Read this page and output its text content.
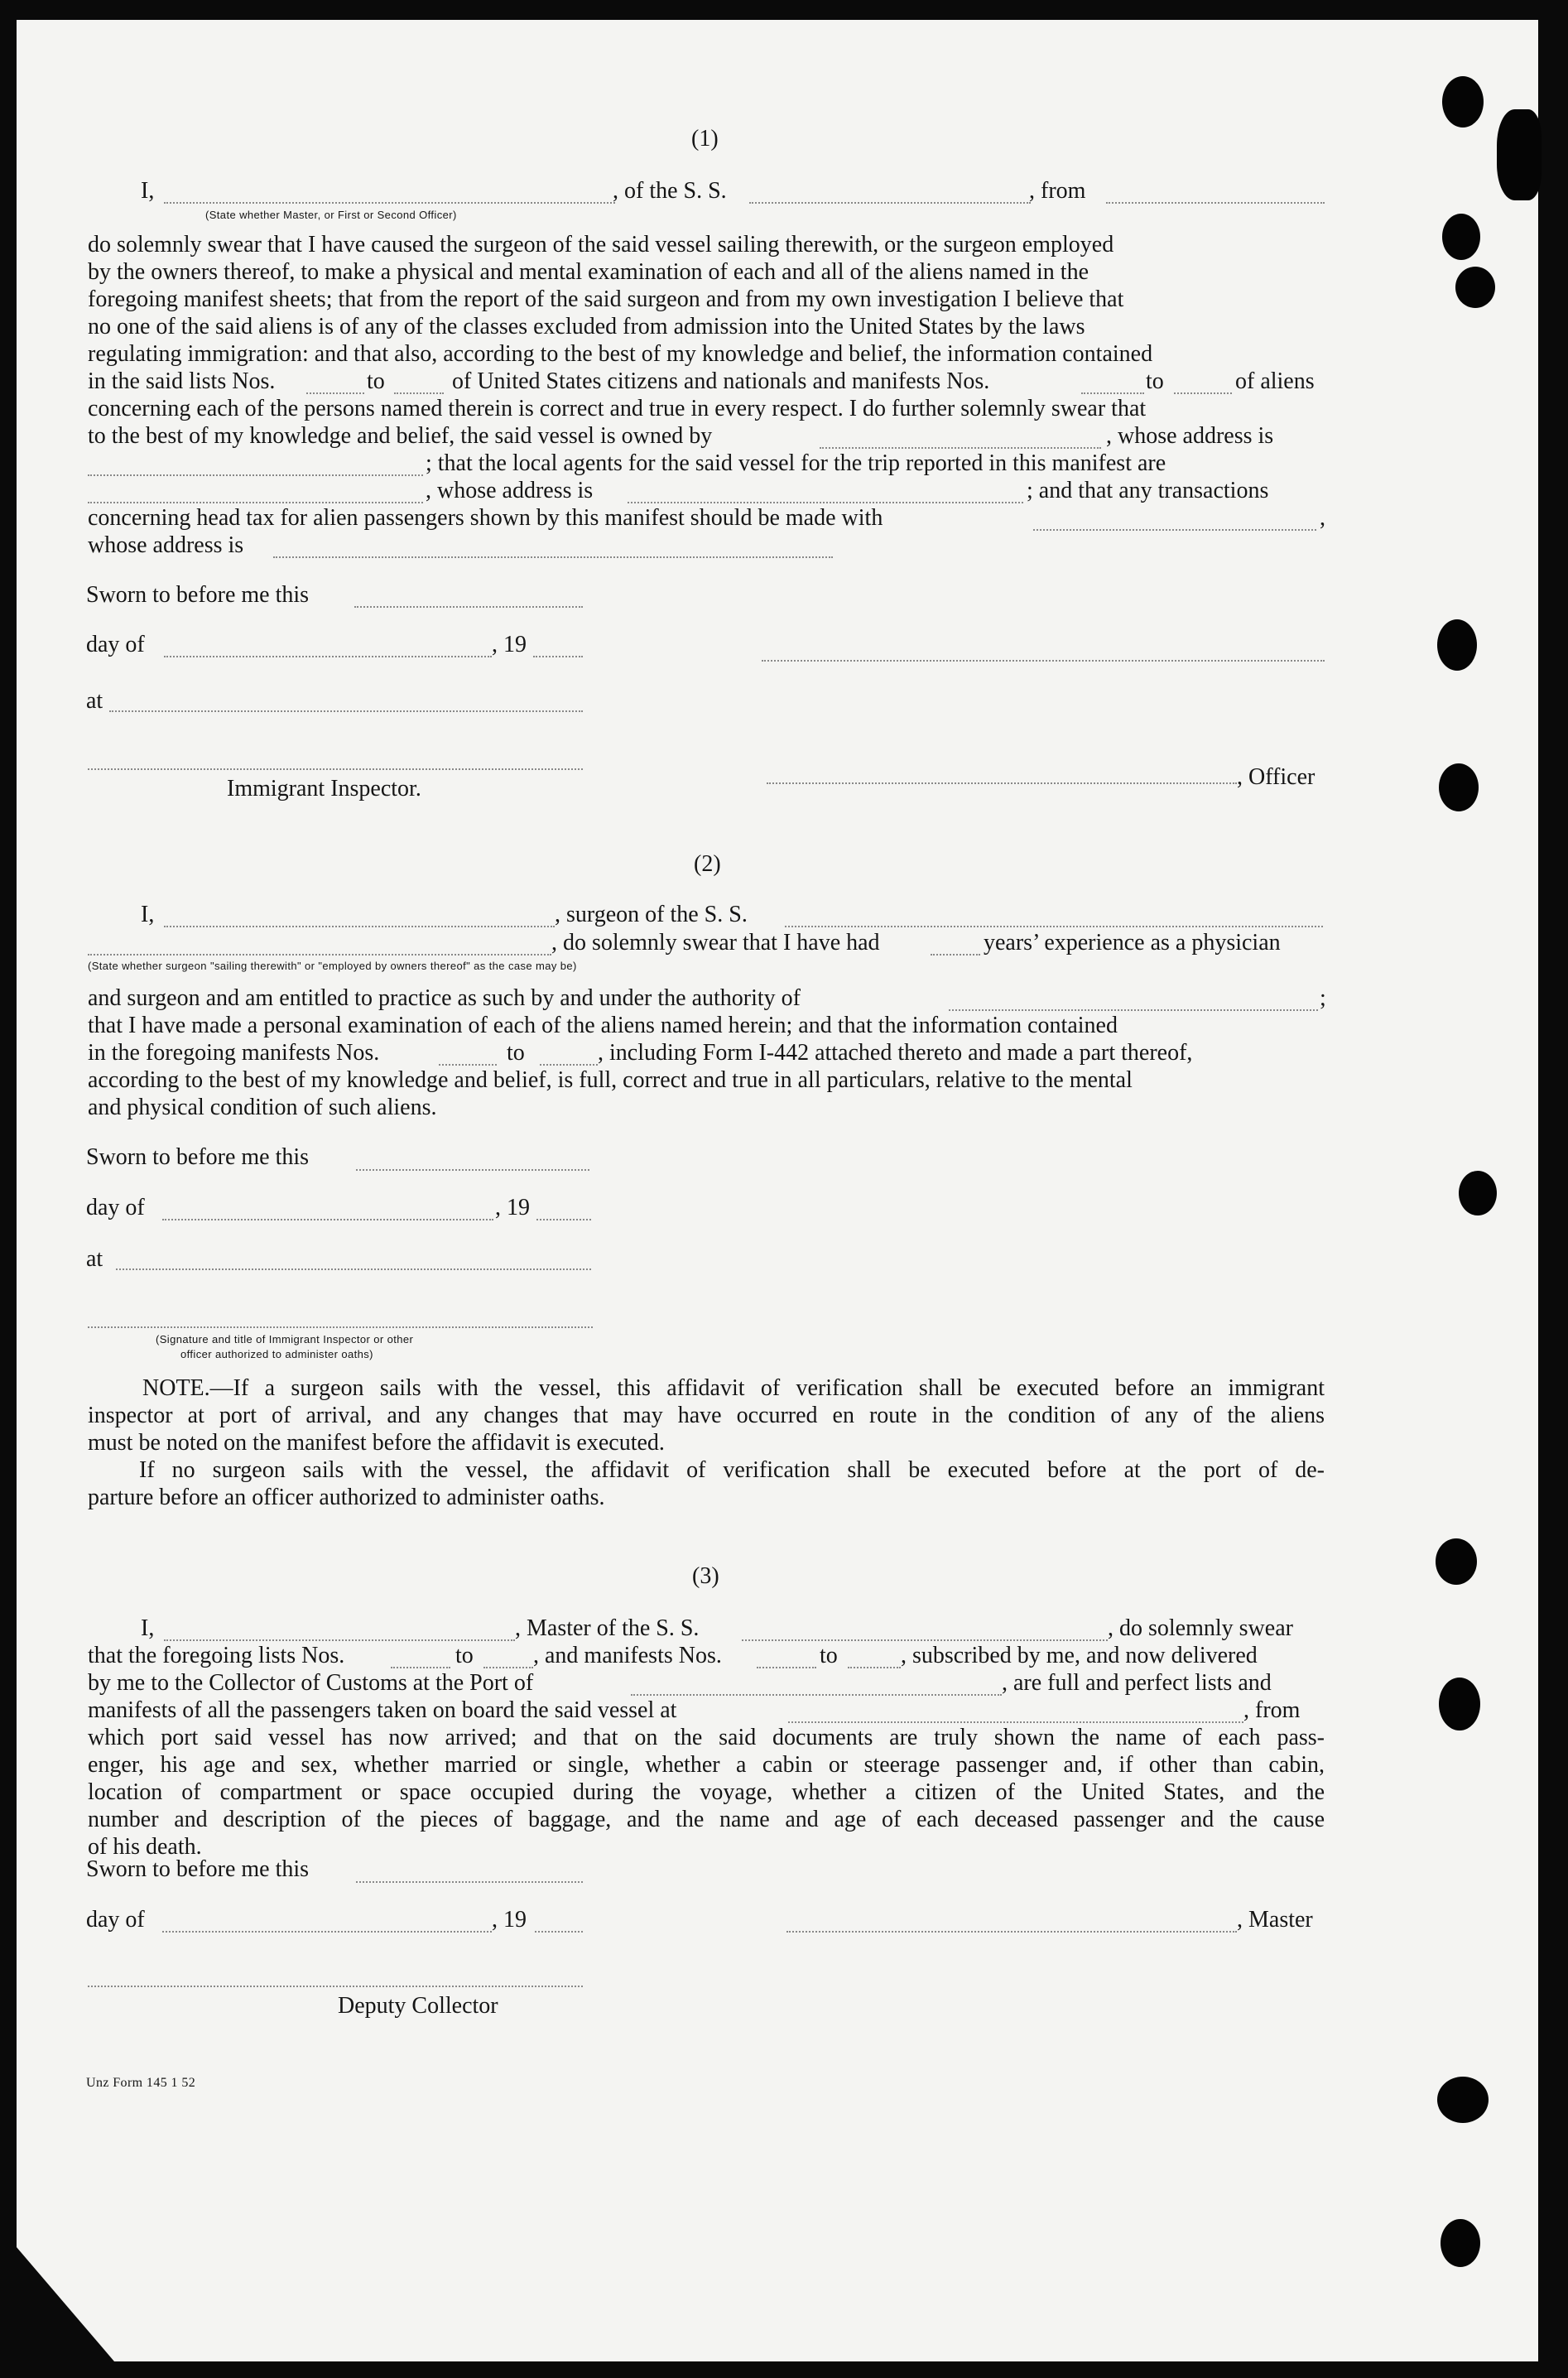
(1)
I,	, of the S. S.	, from
(State whether Master, or First or Second Officer)
do solemnly swear that I have caused the surgeon of the said vessel sailing therewith, or the surgeon employed
by the owners thereof, to make a physical and mental examination of each and all of the aliens named in the
foregoing manifest sheets; that from the report of the said surgeon and from my own investigation I believe that
no one of the said aliens is of any of the classes excluded from admission into the United States by the laws
regulating immigration: and that also, according to the best of my knowledge and belief, the information contained
in the said lists Nos.	to	of United States citizens and nationals and manifests Nos.	to	of aliens
concerning each of the persons named therein is correct and true in every respect. I do further solemnly swear that
to the best of my knowledge and belief, the said vessel is owned by	, whose address is
; that the local agents for the said vessel for the trip reported in this manifest are
, whose address is	; and that any transactions
concerning head tax for alien passengers shown by this manifest should be made with	,
whose address is
Sworn to before me this
day of	, 19
at
Immigrant Inspector.	, Officer
(2)
I,	, surgeon of the S. S.
, do solemnly swear that I have had	years’ experience as a physician
(State whether surgeon "sailing therewith" or "employed by owners thereof" as the case may be)
and surgeon and am entitled to practice as such by and under the authority of	;
that I have made a personal examination of each of the aliens named herein; and that the information contained
in the foregoing manifests Nos.	to	, including Form I-442 attached thereto and made a part thereof,
according to the best of my knowledge and belief, is full, correct and true in all particulars, relative to the mental
and physical condition of such aliens.
Sworn to before me this
day of	, 19
at
(Signature and title of Immigrant Inspector or other
officer authorized to administer oaths)
NOTE.—If a surgeon sails with the vessel, this affidavit of verification shall be executed before an immigrant
inspector at port of arrival, and any changes that may have occurred en route in the condition of any of the aliens
must be noted on the manifest before the affidavit is executed.
If no surgeon sails with the vessel, the affidavit of verification shall be executed before at the port of de-
parture before an officer authorized to administer oaths.
(3)
I,	, Master of the S. S.	, do solemnly swear
that the foregoing lists Nos.	to	, and manifests Nos.	to	, subscribed by me, and now delivered
by me to the Collector of Customs at the Port of	, are full and perfect lists and
manifests of all the passengers taken on board the said vessel at	, from
which port said vessel has now arrived; and that on the said documents are truly shown the name of each pass-
enger, his age and sex, whether married or single, whether a cabin or steerage passenger and, if other than cabin,
location of compartment or space occupied during the voyage, whether a citizen of the United States, and the
number and description of the pieces of baggage, and the name and age of each deceased passenger and the cause
of his death.
Sworn to before me this
day of	, 19	, Master
Deputy Collector
Unz Form 145 1 52
